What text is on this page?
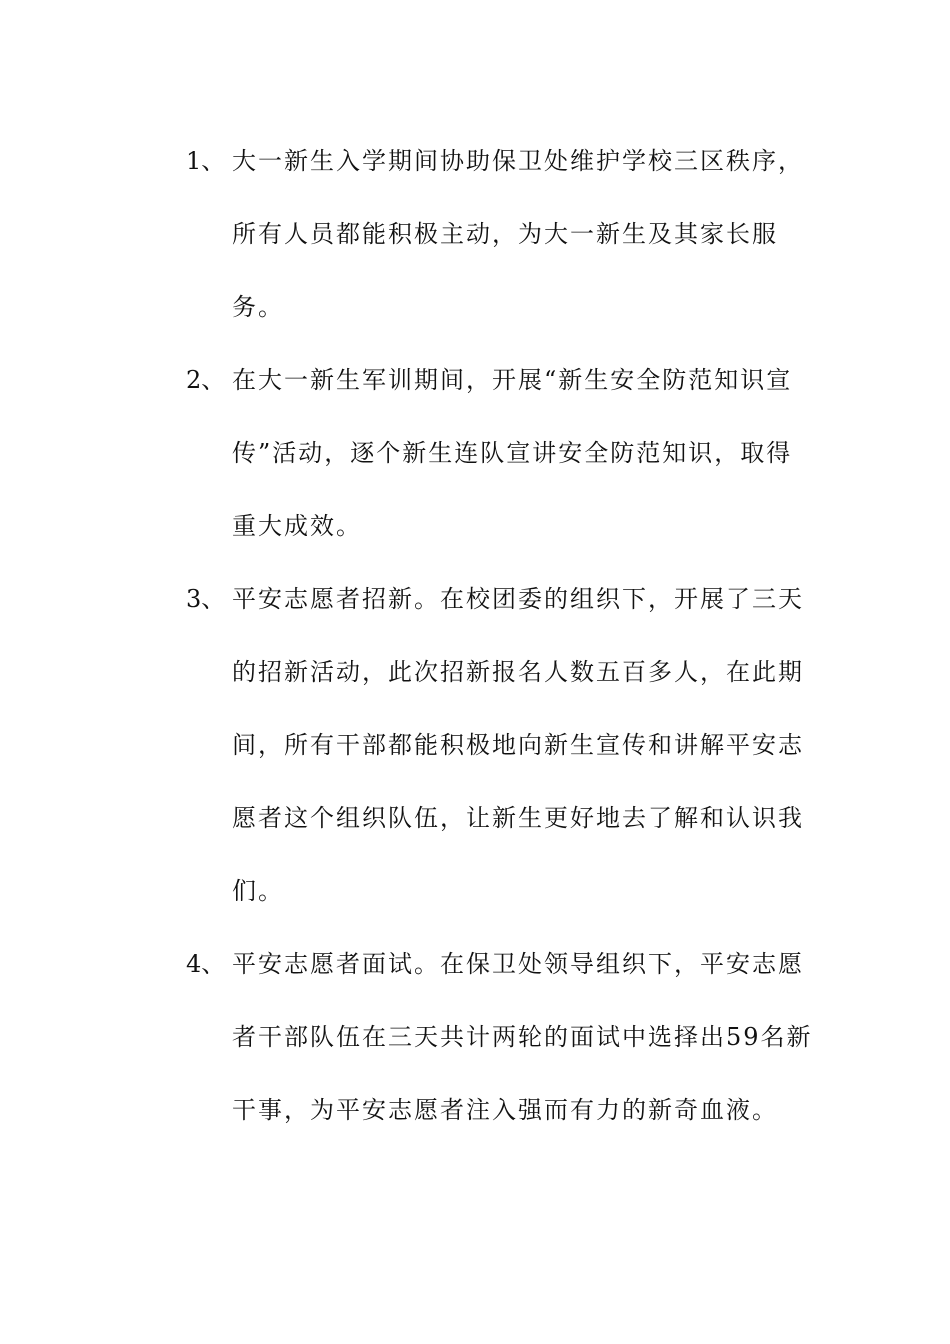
1、 大一新生入学期间协助保卫处维护学校三区秩序，
所有人员都能积极主动，为大一新生及其家长服
务。
2、 在大一新生军训期间，开展“新生安全防范知识宣
传”活动，逐个新生连队宣讲安全防范知识，取得
重大成效。
3、 平安志愿者招新。在校团委的组织下，开展了三天
的招新活动，此次招新报名人数五百多人，在此期
间，所有干部都能积极地向新生宣传和讲解平安志
愿者这个组织队伍，让新生更好地去了解和认识我
们。
4、 平安志愿者面试。在保卫处领导组织下，平安志愿
者干部队伍在三天共计两轮的面试中选择出59名新
干事，为平安志愿者注入强而有力的新奇血液。
